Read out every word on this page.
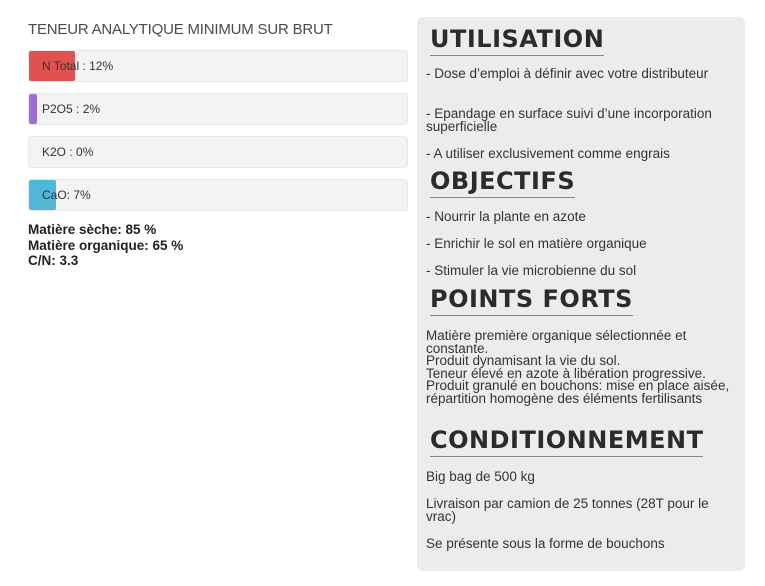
TENEUR ANALYTIQUE MINIMUM SUR BRUT
N Total : 12%
P2O5 : 2%
K2O : 0%
CaO: 7%
Matière sèche: 85 %
Matière organique: 65 %
C/N: 3.3
UTILISATION
- Dose d’emploi à définir avec votre distributeur
- Epandage en surface suivi d’une incorporation superficielle
- A utiliser exclusivement comme engrais
OBJECTIFS
- Nourrir la plante en azote
- Enrichir le sol en matière organique
- Stimuler la vie microbienne du sol
POINTS FORTS
Matière première organique sélectionnée et constante.
Produit dynamisant la vie du sol.
Teneur élevé en azote à libération progressive.
Produit granulé en bouchons: mise en place aisée, répartition homogène des éléments fertilisants
CONDITIONNEMENT
Big bag de 500 kg
Livraison par camion de 25 tonnes (28T pour le vrac)
Se présente sous la forme de bouchons
